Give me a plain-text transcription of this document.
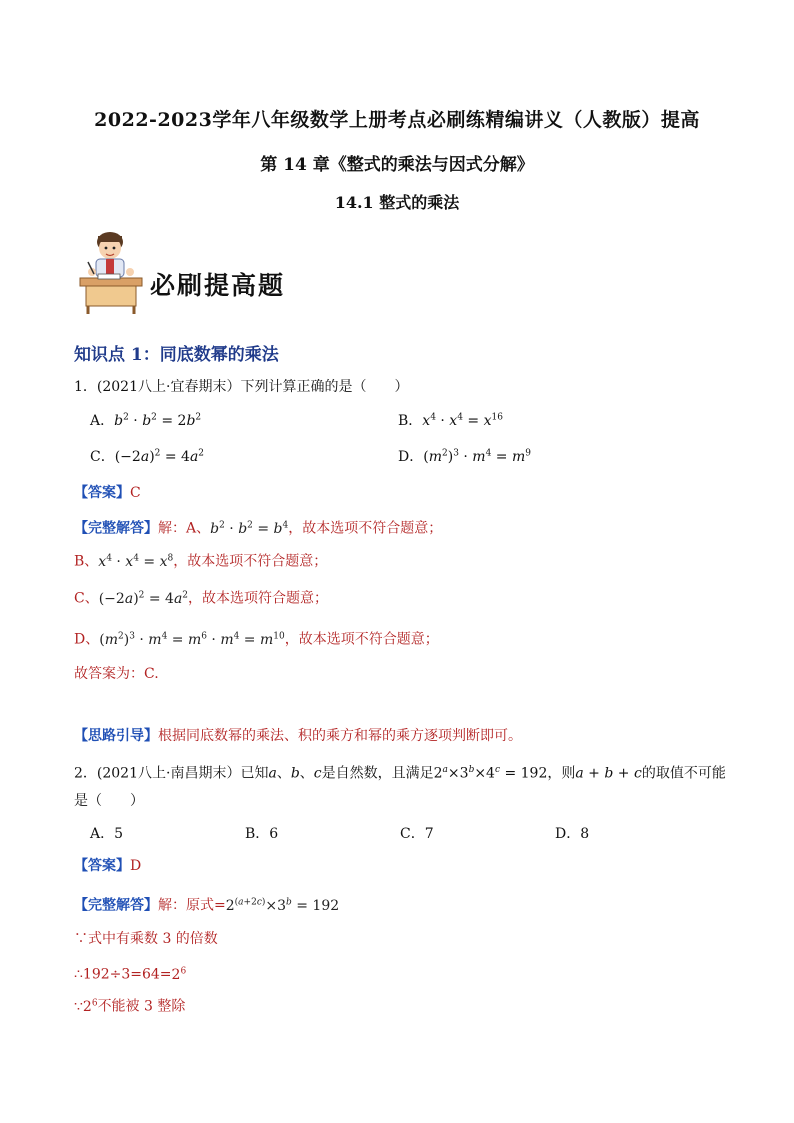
2022-2023学年八年级数学上册考点必刷练精编讲义（人教版）提高
第 14 章《整式的乘法与因式分解》
14.1 整式的乘法
必刷提高题
知识点 1：同底数幂的乘法
1．(2021八上·宜春期末）下列计算正确的是（　　）
A．$b^2 \cdot b^2 = 2b^2$	B．$x^4 \cdot x^4 = x^{16}$
C．$(-2a)^2 = 4a^2$	D．$(m^2)^3 \cdot m^4 = m^9$
【答案】C
【完整解答】解：A、$b^2 \cdot b^2 = b^4$，故本选项不符合题意；
B、$x^4 \cdot x^4 = x^8$，故本选项不符合题意；
C、$(-2a)^2 = 4a^2$，故本选项符合题意；
D、$(m^2)^3 \cdot m^4 = m^6 \cdot m^4 = m^{10}$，故本选项不符合题意；
故答案为：C.
【思路引导】根据同底数幂的乘法、积的乘方和幂的乘方逐项判断即可。
2．(2021八上·南昌期末）已知a、b、c是自然数，且满足$2^a\times 3^b\times 4^c = 192$，则a + b + c的取值不可能
是（　　）
A．5	B．6	C．7	D．8
【答案】D
【完整解答】解：原式$=2^{(a+2c)}\times 3^b = 192$
∵式中有乘数 3 的倍数
$\therefore 192\div 3=64=2^6$
$\because 2^6$不能被 3 整除
